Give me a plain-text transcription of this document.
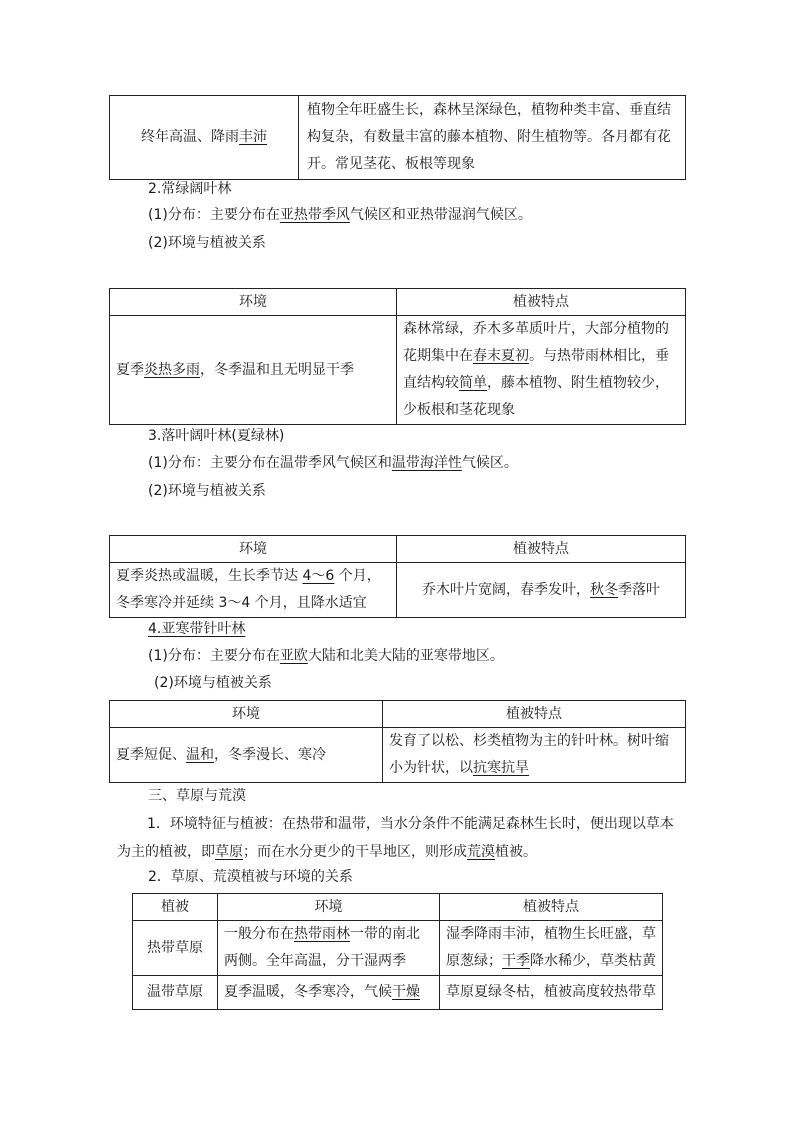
终年高温、降雨丰沛	植物全年旺盛生长，森林呈深绿色，植物种类丰富、垂直结构复杂，有数量丰富的藤本植物、附生植物等。各月都有花开。常见茎花、板根等现象
2.常绿阔叶林
(1)分布：主要分布在亚热带季风气候区和亚热带湿润气候区。
(2)环境与植被关系
环境	植被特点
夏季炎热多雨，冬季温和且无明显干季	森林常绿，乔木多革质叶片，大部分植物的花期集中在春末夏初。与热带雨林相比，垂直结构较简单，藤本植物、附生植物较少，少板根和茎花现象
3.落叶阔叶林(夏绿林)
(1)分布：主要分布在温带季风气候区和温带海洋性气候区。
(2)环境与植被关系
环境	植被特点
夏季炎热或温暖，生长季节达 4～6 个月，冬季寒冷并延续 3～4 个月，且降水适宜	乔木叶片宽阔，春季发叶，秋冬季落叶
4.亚寒带针叶林
(1)分布：主要分布在亚欧大陆和北美大陆的亚寒带地区。
(2)环境与植被关系
环境	植被特点
夏季短促、温和，冬季漫长、寒冷	发育了以松、杉类植物为主的针叶林。树叶缩小为针状，以抗寒抗旱
三、草原与荒漠
1．环境特征与植被：在热带和温带，当水分条件不能满足森林生长时，便出现以草本为主的植被，即草原；而在水分更少的干旱地区，则形成荒漠植被。
2．草原、荒漠植被与环境的关系
植被	环境	植被特点
热带草原	一般分布在热带雨林一带的南北两侧。全年高温，分干湿两季	湿季降雨丰沛，植物生长旺盛，草原葱绿；干季降水稀少，草类枯黄
温带草原	夏季温暖，冬季寒冷，气候干燥	草原夏绿冬枯，植被高度较热带草
